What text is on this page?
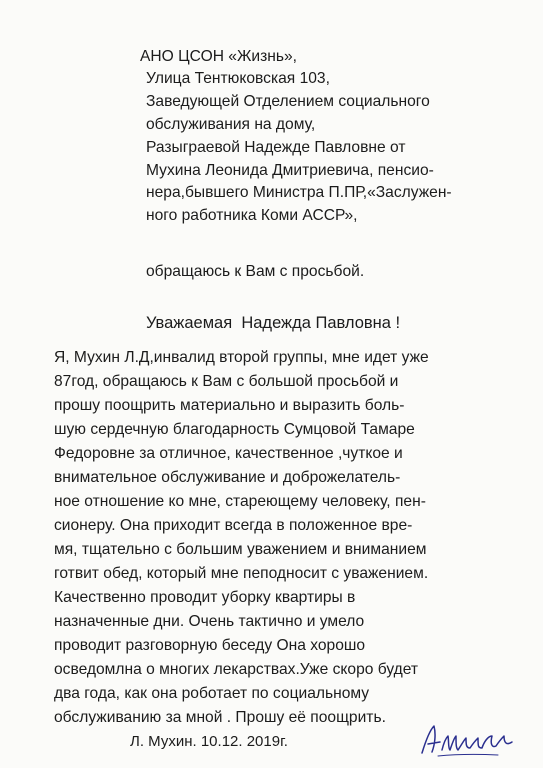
АНО ЦСОН «Жизнь»,
Улица Тентюковская 103,
Заведующей Отделением социального
обслуживания на дому,
Разыграевой Надежде Павловне от
Мухина Леонида Дмитриевича, пенсио-
нера,бывшего Министра П.ПР,«Заслужен-
ного работника Коми АССР»,
обращаюсь к Вам с просьбой.
Уважаемая Надежда Павловна !
Я, Мухин Л.Д,инвалид второй группы, мне идет уже
87год, обращаюсь к Вам с большой просьбой и
прошу поощрить материально и выразить боль-
шую сердечную благодарность Сумцовой Тамаре
Федоровне за отличное, качественное ,чуткое и
внимательное обслуживание и доброжелатель-
ное отношение ко мне, стареющему человеку, пен-
сионеру. Она приходит всегда в положенное вре-
мя, тщательно с большим уважением и вниманием
готвит обед, который мне пеподносит с уважением.
Качественно проводит уборку квартиры в
назначенные дни. Очень тактично и умело
проводит разговорную беседу Она хорошо
осведомлна о многих лекарствах.Уже скоро будет
два года, как она роботает по социальному
обслуживанию за мной . Прошу её поощрить.
Л. Мухин. 10.12. 2019г.
